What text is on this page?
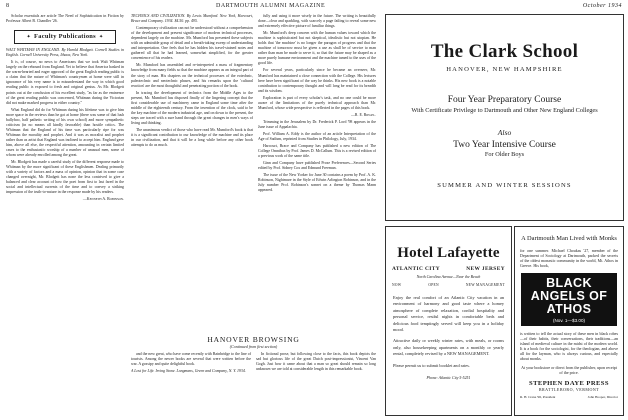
8	DARTMOUTH ALUMNI MAGAZINE	October 1934

Scholar essentials are article The Need of Sophistication in Fiction by Professor Albert B. Chandler '26.

✦ Faculty Publications ✦

WALT WHITMAN IN ENGLAND. By Harold Blodgett. Cornell Studies in English. Cornell University Press, Ithaca, New York.

It is, of course, no news to Americans that we took Walt Whitman largely on the rebound from England. Yet to believe that America basked in the warm-hearted and eager approval of the great English reading public is a claim that the nature of Whitman's countrymen at home were still in ignorance of his very name is to misunderstand the way in which good reading public is exposed to fresh and original genius. As Mr. Blodgett points out at the conclusion of his excellent study, "as far as the eminence of the great reading public was concerned, Whitman during the Victorian did not make marked progress in either country."

What England did do for Whitman during his lifetime was to give him more space in the reviews than he got at home (there was some of that lush ballyhoo, half pathetic writing of his own school) and more sympathetic criticism (in no means all kindly favorable) than hostile critics. The Whitman that the England of his time was particularly ripe for was Whitman the morality and prophet. And it was as moralist and prophet rather than as artist that England was inclined to accept him. England gave him, above all else, the respectful attention, amounting in certain limited cases to the enthusiastic worship of a number of unusual men, some of whom were already enrolled among the great.

Mr. Blodgett has made a careful study of the different response made to Whitman by the more significant of these Englishmen. Dealing primarily with a variety of factors and a mass of opinion, opinion that in some case changed overnight, Mr. Blodgett has none the less contrived to give a balanced and clear account of how the poet from first to last fared in the social and intellectual currents of the time and to convey a striking impression of the truth-to-nature in the response made by his readers.

—Kenneth A. Robinson.

TECHNICS AND CIVILIZATION. By Lewis Mumford. New York, Harcourt, Brace and Company. 1934. $4.50. pp. 495.

Contemporary civilization can not be understood without a comprehension of the development and present significance of modern technical processes, dependent largely on the machine. Mr. Mumford has presented these subjects with an admirable grasp of detail and a breath-taking sweep of understanding and interpretation. One feels that he has hidden his travel-stained notes and gathered all that he had learned, somewhat simplified, for the greater convenience of his readers.

Mr. Mumford has assembled and re-interpreted a mass of fragmentary knowledge from many fields so that the machine appears as an integral part of the story of man. His chapters on the technical processes of the eotechnic, paleotechnic and neotechnic phases, and his remarks upon the 'cultural reaction' are the most thoughtful and penetrating portion of the book.

In tracing the development of technics from the Middle Ages to the present, Mr. Mumford has disposed finally of the lingering concept that the first considerable use of machinery came in England some time after the middle of the eighteenth century. From the invention of the clock, said to be the key machine of the modern industrial age, and on down to the present, the steps are traced with a sure hand through the great changes in men's ways of living and thinking.

The unanimous verdict of those who have read Mr. Mumford's book is that it is a significant contribution to our knowledge of the machine and its place in our civilization, and that it will be a long while before any other book attempts to do as much.

fully and using it more wisely in the future. The writing is beautifully done—clear and sparkling, with scarcely a page failing to reveal some new and extremely effective picture of familiar things.

Mr. Mumford's deep concern with the human values toward which the machine is sophisticated but not skeptical, idealistic but not utopian. He holds that 'the machine' is no longer the paragon of progress and that the machine of tomorrow must be given a use as shall be of service to man rather than man be made to serve it, so that the future may be shaped as a more purely humane environment and the machine tamed to the uses of the good life.

For several years, particularly since he became an overseer, Mr. Mumford has maintained a close connection with the College. His lectures here have been significant of the way he thinks. His new book is a notable contribution to contemporary thought and will long be read for its breadth and its wisdom.

Exploration is part of every scholar's task, and no one could be more aware of the limitations of the purely technical approach than Mr. Mumford, whose wide perspective is reflected in the pages of this book.

—R. E. Riegel.

Trimming in the Jerusalem by Dr. Frederick P. Lord '98 appears in the June issue of Appalachia.

Prof. William A. Eddy is the author of an article Interpretation of the Age of Sadism, reprinted from Studies in Philology, July, 1934.

Harcourt, Brace and Company has published a new edition of The College Omnibus by Prof. James D. McCallum. This is a revised edition of a previous work of the same title.

Ginn and Company have published Prose Preferences—Second Series edited by Prof. Sidney Cox and Edmund Freeman.

The issue of the New Yorker for June 30 contains a poem by Prof. A. K. Robinson, Nightmare in the Style of Edwin Arlington Robinson, and in the July number Prof. Robinson's sonnet on a theme by Thomas Mann appeared.

HANOVER BROWSING
(Continued from first section)

and the new great, who have come recently with Bainbridge to the line of tourists. Among the newer books are several that were written before the war. A gossipy and quite delightful book.

A Lost for Life. Irving Stone. Longmans, Green and Company, N. Y. 1934.

In fictional prose, but following close to the facts, this book depicts the sad but glorious life of the great Dutch post-impressionist, Vincent Van Gogh. Just how it came about that a man so great should remain so long unknown we are told at considerable length in this remarkable book.

The Clark School
HANOVER, NEW HAMPSHIRE
Four Year Preparatory Course
With Certificate Privilege to Dartmouth and Other New England Colleges
Also
Two Year Intensive Course
For Older Boys
SUMMER AND WINTER SESSIONS
Hotel Lafayette
ATLANTIC CITY	NEW JERSEY
North Carolina Avenue—Near the Beach
NOW	OPEN	NEW MANAGEMENT

Enjoy the real comfort of an Atlantic City vacation in an environment of harmony and good taste where a homey atmosphere of complete relaxation, cordial hospitality and personal service, restful nights in comfortable beds and delicious food temptingly served will keep you in a holiday mood.

Attractive daily or weekly winter rates, with meals, or rooms only, also housekeeping apartments on a monthly or yearly rental, completely revised by a NEW MANAGEMENT.

Please permit us to submit booklet and rates.
Phone: Atlantic City 5-5251
A Dartmouth Man Lived with Monks
for one summer. Michael Choukas '27, member of the Department of Sociology at Dartmouth, packed the secrets of the oldest monastic community in the world, Mt. Athos in Greece. His book,
BLACK ANGELS OF ATHOS
(Nov. 1—$3.00)
is written to tell the actual story of these men in black robes—of their habits, their conversations, their traditions—an island of medieval culture in the midst of the modern world. It is a book for the sociologist, for the theologian, and above all for the layman, who is always curious, and especially about monks.
At your bookstore or direct from the publisher, upon receipt of the price.
STEPHEN DAYE PRESS
BRATTLEBORO, VERMONT
R. H. Crane '96, President	John Hooper, Director
